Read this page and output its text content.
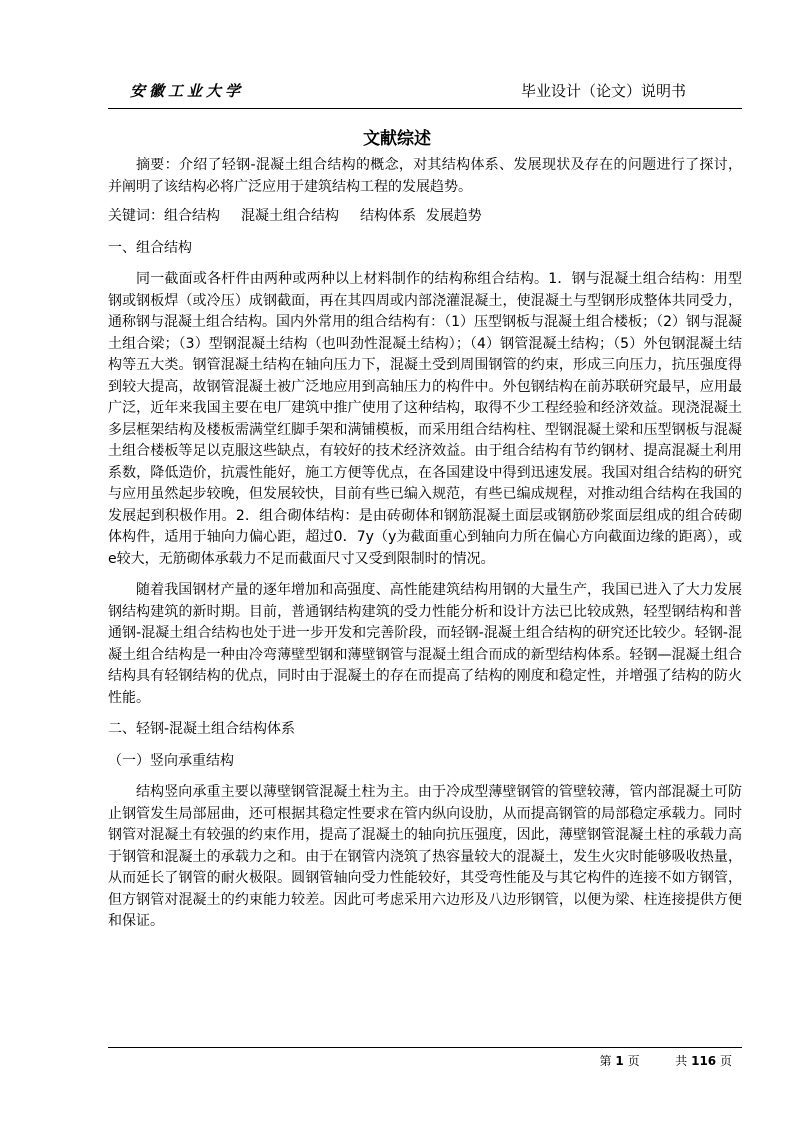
安徽工业大学	毕业设计（论文）说明书
文献综述

摘要：介绍了轻钢-混凝土组合结构的概念，对其结构体系、发展现状及存在的问题进行了探讨，并阐明了该结构必将广泛应用于建筑结构工程的发展趋势。

关键词：组合结构 混凝土组合结构 结构体系 发展趋势

一、组合结构

同一截面或各杆件由两种或两种以上材料制作的结构称组合结构。1．钢与混凝土组合结构：用型钢或钢板焊（或冷压）成钢截面，再在其四周或内部浇灌混凝土，使混凝土与型钢形成整体共同受力，通称钢与混凝土组合结构。国内外常用的组合结构有：（1）压型钢板与混凝土组合楼板；（2）钢与混凝土组合梁；（3）型钢混凝土结构（也叫劲性混凝土结构）；（4）钢管混凝土结构；（5）外包钢混凝土结构等五大类。钢管混凝土结构在轴向压力下，混凝土受到周围钢管的约束，形成三向压力，抗压强度得到较大提高，故钢管混凝土被广泛地应用到高轴压力的构件中。外包钢结构在前苏联研究最早，应用最广泛，近年来我国主要在电厂建筑中推广使用了这种结构，取得不少工程经验和经济效益。现浇混凝土多层框架结构及楼板需满堂红脚手架和满铺模板，而采用组合结构柱、型钢混凝土梁和压型钢板与混凝土组合楼板等足以克服这些缺点，有较好的技术经济效益。由于组合结构有节约钢材、提高混凝土利用系数，降低造价，抗震性能好，施工方便等优点，在各国建设中得到迅速发展。我国对组合结构的研究与应用虽然起步较晚，但发展较快，目前有些已编入规范，有些已编成规程，对推动组合结构在我国的发展起到积极作用。2．组合砌体结构：是由砖砌体和钢筋混凝土面层或钢筋砂浆面层组成的组合砖砌体构件，适用于轴向力偏心距，超过0．7y（y为截面重心到轴向力所在偏心方向截面边缘的距离），或e较大，无筋砌体承载力不足而截面尺寸又受到限制时的情况。

随着我国钢材产量的逐年增加和高强度、高性能建筑结构用钢的大量生产，我国已进入了大力发展钢结构建筑的新时期。目前，普通钢结构建筑的受力性能分析和设计方法已比较成熟，轻型钢结构和普通钢-混凝土组合结构也处于进一步开发和完善阶段，而轻钢-混凝土组合结构的研究还比较少。轻钢-混凝土组合结构是一种由冷弯薄壁型钢和薄壁钢管与混凝土组合而成的新型结构体系。轻钢—混凝土组合结构具有轻钢结构的优点，同时由于混凝土的存在而提高了结构的刚度和稳定性，并增强了结构的防火性能。

二、轻钢-混凝土组合结构体系

（一）竖向承重结构

结构竖向承重主要以薄壁钢管混凝土柱为主。由于冷成型薄壁钢管的管壁较薄，管内部混凝土可防止钢管发生局部屈曲，还可根据其稳定性要求在管内纵向设肋，从而提高钢管的局部稳定承载力。同时钢管对混凝土有较强的约束作用，提高了混凝土的轴向抗压强度，因此，薄壁钢管混凝土柱的承载力高于钢管和混凝土的承载力之和。由于在钢管内浇筑了热容量较大的混凝土，发生火灾时能够吸收热量，从而延长了钢管的耐火极限。圆钢管轴向受力性能较好，其受弯性能及与其它构件的连接不如方钢管，但方钢管对混凝土的约束能力较差。因此可考虑采用六边形及八边形钢管，以便为梁、柱连接提供方便和保证。

第 1 页	共 116 页
